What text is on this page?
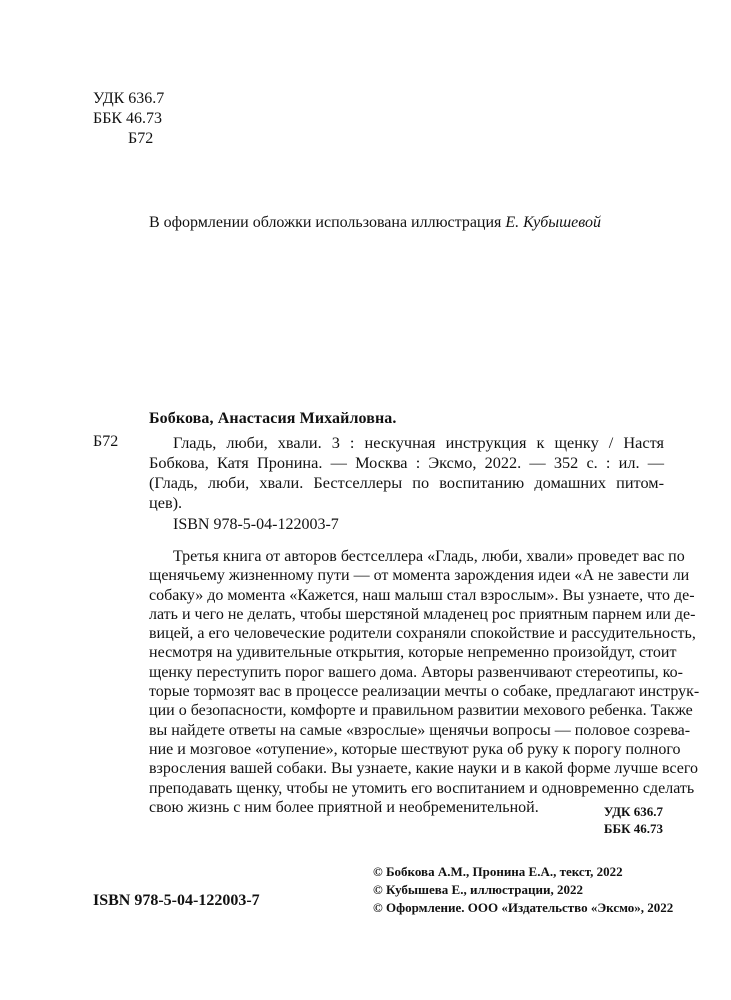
УДК 636.7
ББК 46.73
Б72
В оформлении обложки использована иллюстрация Е. Кубышевой
Бобкова, Анастасия Михайловна.
Б72	Гладь, люби, хвали. 3 : нескучная инструкция к щенку / Настя
Бобкова, Катя Пронина. — Москва : Эксмо, 2022. — 352 с. : ил. —
(Гладь, люби, хвали. Бестселлеры по воспитанию домашних питом-
цев).
ISBN 978-5-04-122003-7
Третья книга от авторов бестселлера «Гладь, люби, хвали» проведет вас по
щенячьему жизненному пути — от момента зарождения идеи «А не завести ли
собаку» до момента «Кажется, наш малыш стал взрослым». Вы узнаете, что де-
лать и чего не делать, чтобы шерстяной младенец рос приятным парнем или де-
вицей, а его человеческие родители сохраняли спокойствие и рассудительность,
несмотря на удивительные открытия, которые непременно произойдут, стоит
щенку переступить порог вашего дома. Авторы развенчивают стереотипы, ко-
торые тормозят вас в процессе реализации мечты о собаке, предлагают инструк-
ции о безопасности, комфорте и правильном развитии мехового ребенка. Также
вы найдете ответы на самые «взрослые» щенячьи вопросы — половое созрева-
ние и мозговое «отупение», которые шествуют рука об руку к порогу полного
взросления вашей собаки. Вы узнаете, какие науки и в какой форме лучше всего
преподавать щенку, чтобы не утомить его воспитанием и одновременно сделать
свою жизнь с ним более приятной и необременительной.	УДК 636.7
ББК 46.73
© Бобкова А.М., Пронина Е.А., текст, 2022
© Кубышева Е., иллюстрации, 2022
© Оформление. ООО «Издательство «Эксмо», 2022
ISBN 978-5-04-122003-7
